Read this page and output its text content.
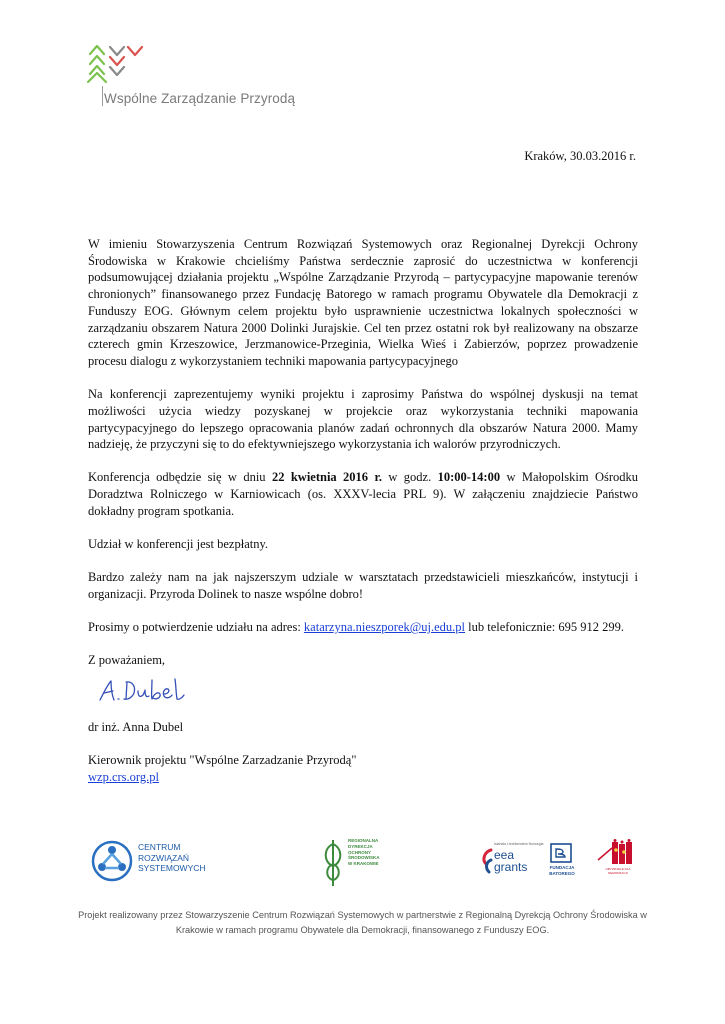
Wspólne Zarządzanie Przyrodą
Kraków, 30.03.2016 r.

W imieniu Stowarzyszenia Centrum Rozwiązań Systemowych oraz Regionalnej Dyrekcji Ochrony Środowiska w Krakowie chcieliśmy Państwa serdecznie zaprosić do uczestnictwa w konferencji podsumowującej działania projektu „Wspólne Zarządzanie Przyrodą – partycypacyjne mapowanie terenów chronionych” finansowanego przez Fundację Batorego w ramach programu Obywatele dla Demokracji z Funduszy EOG. Głównym celem projektu było usprawnienie uczestnictwa lokalnych społeczności w zarządzaniu obszarem Natura 2000 Dolinki Jurajskie. Cel ten przez ostatni rok był realizowany na obszarze czterech gmin Krzeszowice, Jerzmanowice-Przeginia, Wielka Wieś i Zabierzów, poprzez prowadzenie procesu dialogu z wykorzystaniem techniki mapowania partycypacyjnego

Na konferencji zaprezentujemy wyniki projektu i zaprosimy Państwa do wspólnej dyskusji na temat możliwości użycia wiedzy pozyskanej w projekcie oraz wykorzystania techniki mapowania partycypacyjnego do lepszego opracowania planów zadań ochronnych dla obszarów Natura 2000. Mamy nadzieję, że przyczyni się to do efektywniejszego wykorzystania ich walorów przyrodniczych.

Konferencja odbędzie się w dniu 22 kwietnia 2016 r. w godz. 10:00-14:00 w Małopolskim Ośrodku Doradztwa Rolniczego w Karniowicach (os. XXXV-lecia PRL 9). W załączeniu znajdziecie Państwo dokładny program spotkania.

Udział w konferencji jest bezpłatny.

Bardzo zależy nam na jak najszerszym udziale w warsztatach przedstawicieli mieszkańców, instytucji i organizacji. Przyroda Dolinek to nasze wspólne dobro!

Prosimy o potwierdzenie udziału na adres: katarzyna.nieszporek@uj.edu.pl lub telefonicznie: 695 912 299.

Z poważaniem,

dr inż. Anna Dubel
Kierownik projektu "Wspólne Zarzadzanie Przyrodą"
wzp.crs.org.pl
CENTRUM
ROZWIĄZAŃ
SYSTEMOWYCH
REGIONALNA
DYREKCJA
OCHRONY
ŚRODOWISKA
W KRAKOWIE
Islandia Liechtenstein Norwegia
eea
grants	FUNDACJA
BATOREGO
OBYWATELE DLA DEMOKRACJI
Projekt realizowany przez Stowarzyszenie Centrum Rozwiązań Systemowych w partnerstwie z Regionalną Dyrekcją Ochrony Środowiska w Krakowie w ramach programu Obywatele dla Demokracji, finansowanego z Funduszy EOG.
